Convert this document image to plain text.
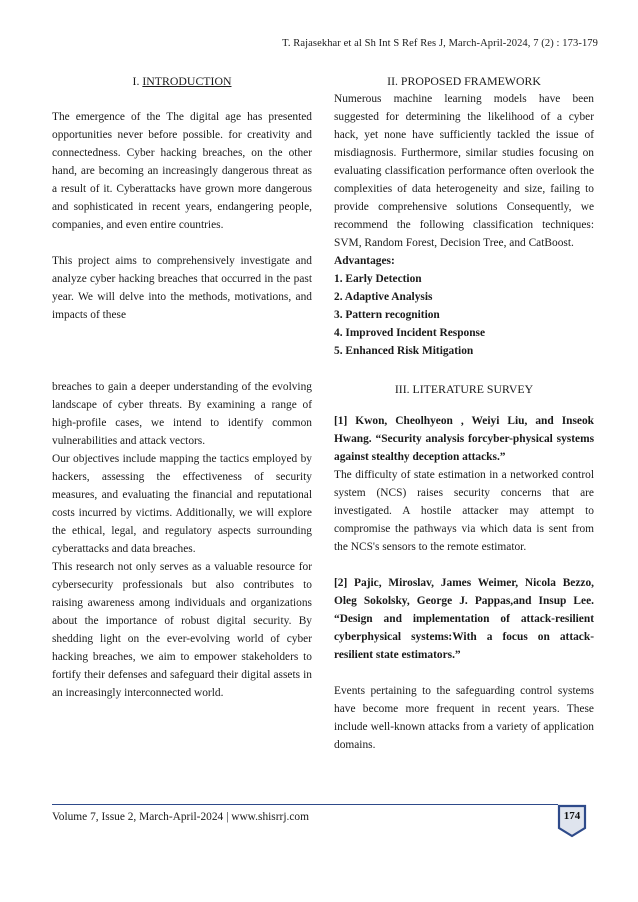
T. Rajasekhar et al Sh Int S Ref Res J, March-April-2024, 7 (2) : 173-179
I. INTRODUCTION

The emergence of the The digital age has presented opportunities never before possible. for creativity and connectedness. Cyber hacking breaches, on the other hand, are becoming an increasingly dangerous threat as a result of it. Cyberattacks have grown more dangerous and sophisticated in recent years, endangering people, companies, and even entire countries.

This project aims to comprehensively investigate and analyze cyber hacking breaches that occurred in the past year. We will delve into the methods, motivations, and impacts of these

breaches to gain a deeper understanding of the evolving landscape of cyber threats. By examining a range of high-profile cases, we intend to identify common vulnerabilities and attack vectors.

Our objectives include mapping the tactics employed by hackers, assessing the effectiveness of security measures, and evaluating the financial and reputational costs incurred by victims. Additionally, we will explore the ethical, legal, and regulatory aspects surrounding cyberattacks and data breaches.

This research not only serves as a valuable resource for cybersecurity professionals but also contributes to raising awareness among individuals and organizations about the importance of robust digital security. By shedding light on the ever-evolving world of cyber hacking breaches, we aim to empower stakeholders to fortify their defenses and safeguard their digital assets in an increasingly interconnected world.

II. PROPOSED FRAMEWORK

Numerous machine learning models have been suggested for determining the likelihood of a cyber hack, yet none have sufficiently tackled the issue of misdiagnosis. Furthermore, similar studies focusing on evaluating classification performance often overlook the complexities of data heterogeneity and size, failing to provide comprehensive solutions Consequently, we recommend the following classification techniques: SVM, Random Forest, Decision Tree, and CatBoost.

Advantages:
1. Early Detection
2. Adaptive Analysis
3. Pattern recognition
4. Improved Incident Response
5. Enhanced Risk Mitigation
III. LITERATURE SURVEY

[1] Kwon, Cheolhyeon , Weiyi Liu, and Inseok Hwang. “Security analysis forcyber-physical systems against stealthy deception attacks.”

The difficulty of state estimation in a networked control system (NCS) raises security concerns that are investigated. A hostile attacker may attempt to compromise the pathways via which data is sent from the NCS's sensors to the remote estimator.

[2] Pajic, Miroslav, James Weimer, Nicola Bezzo, Oleg Sokolsky, George J. Pappas,and Insup Lee. “Design and implementation of attack-resilient cyberphysical systems:With a focus on attack-resilient state estimators.”

Events pertaining to the safeguarding control systems have become more frequent in recent years. These include well-known attacks from a variety of application domains.

Volume 7, Issue 2, March-April-2024 | www.shisrrj.com	174
